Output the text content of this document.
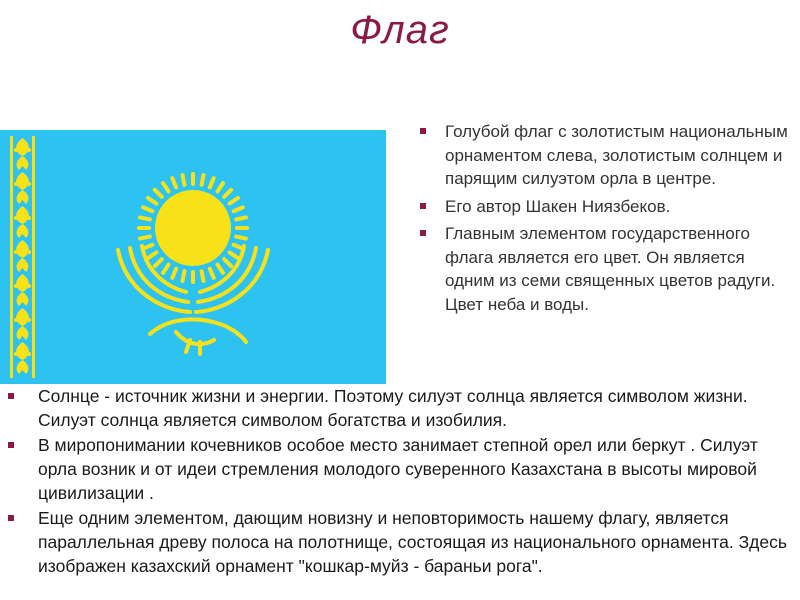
Флаг
Голубой флаг с золотистым национальным орнаментом слева, золотистым солнцем и парящим силуэтом орла в центре.
Его автор Шакен Ниязбеков.
Главным элементом государственного флага является его цвет. Он является одним из семи священных цветов радуги. Цвет неба и воды.
Солнце - источник жизни и энергии. Поэтому силуэт солнца является символом жизни. Силуэт солнца является символом богатства и изобилия.
В миропонимании кочевников особое место занимает степной орел или беркут . Силуэт орла возник и от идеи стремления молодого суверенного Казахстана в высоты мировой цивилизации .
Еще одним элементом, дающим новизну и неповторимость нашему флагу, является параллельная древу полоса на полотнище, состоящая из национального орнамента. Здесь изображен казахский орнамент "кошкар-муйз - бараньи рога".
